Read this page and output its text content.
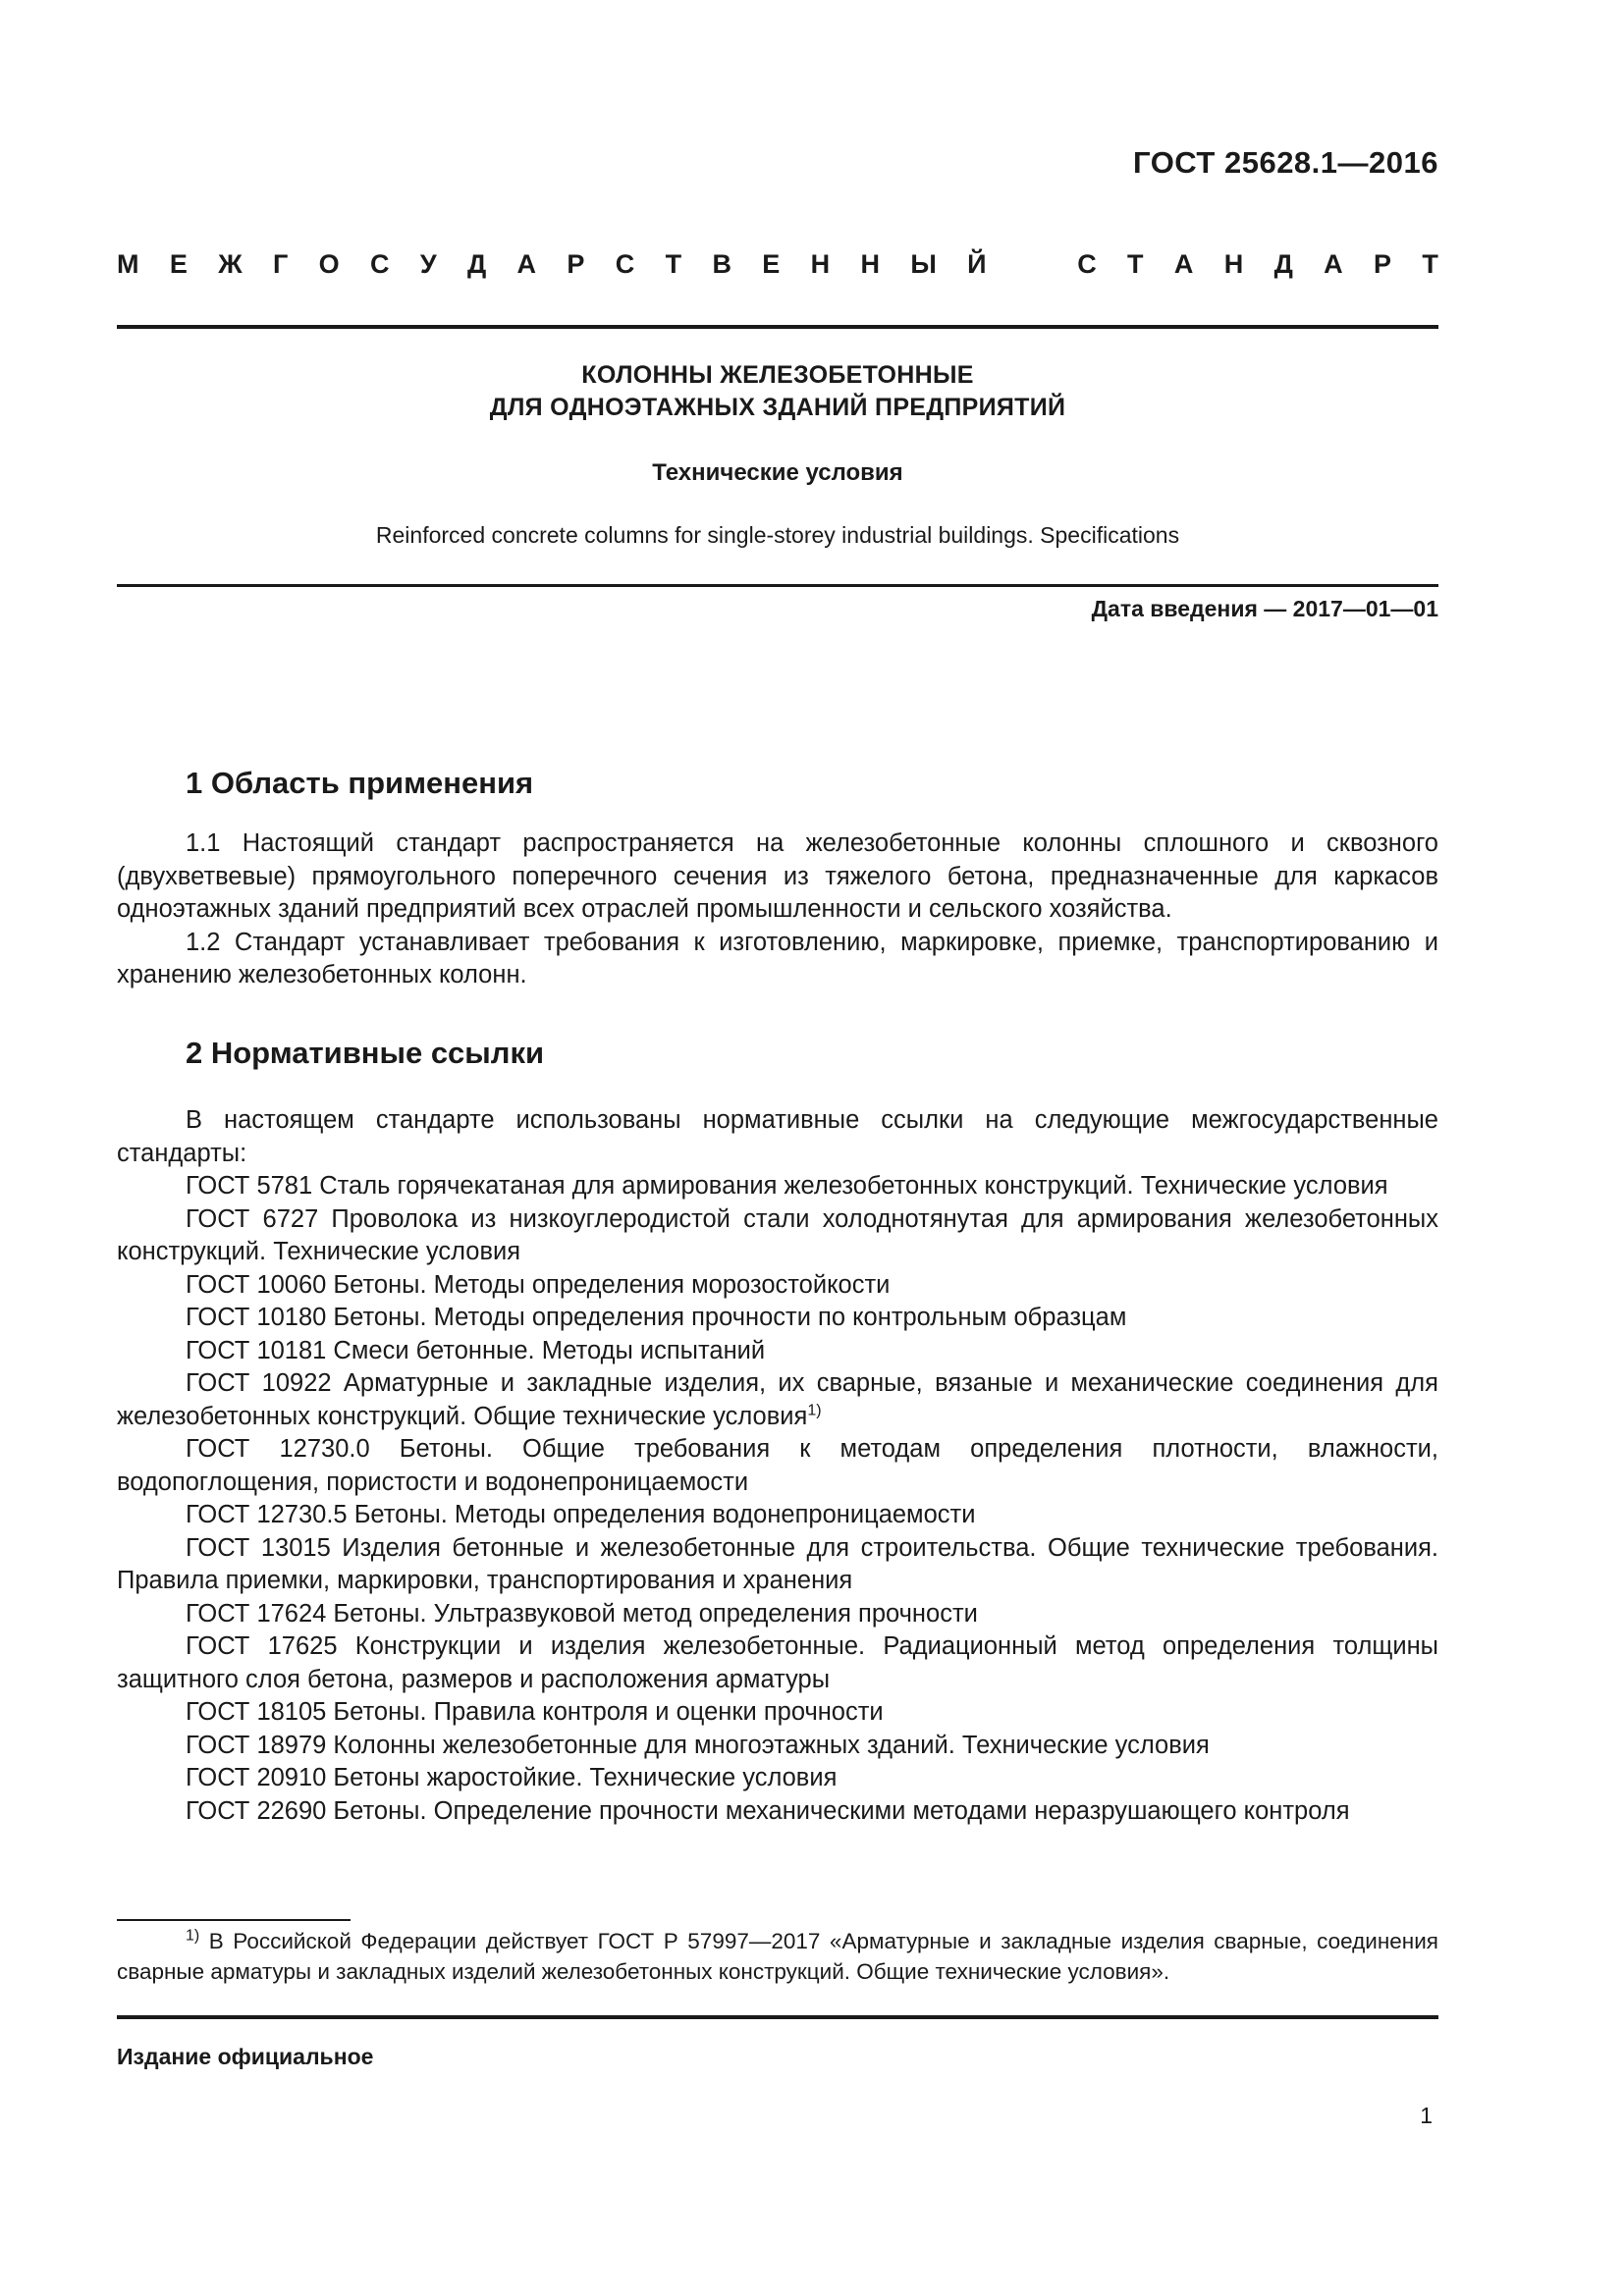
ГОСТ 25628.1—2016
М Е Ж Г О С У Д А Р С Т В Е Н Н Ы Й	С Т А Н Д А Р Т
КОЛОННЫ ЖЕЛЕЗОБЕТОННЫЕ
ДЛЯ ОДНОЭТАЖНЫХ ЗДАНИЙ ПРЕДПРИЯТИЙ
Технические условия
Reinforced concrete columns for single-storey industrial buildings. Specifications
Дата введения — 2017—01—01
1 Область применения

1.1 Настоящий стандарт распространяется на железобетонные колонны сплошного и сквозного (двухветвевые) прямоугольного поперечного сечения из тяжелого бетона, предназначенные для каркасов одноэтажных зданий предприятий всех отраслей промышленности и сельского хозяйства.

1.2 Стандарт устанавливает требования к изготовлению, маркировке, приемке, транспортированию и хранению железобетонных колонн.

2 Нормативные ссылки

В настоящем стандарте использованы нормативные ссылки на следующие межгосударственные стандарты:

ГОСТ 5781 Сталь горячекатаная для армирования железобетонных конструкций. Технические условия

ГОСТ 6727 Проволока из низкоуглеродистой стали холоднотянутая для армирования железобетонных конструкций. Технические условия

ГОСТ 10060 Бетоны. Методы определения морозостойкости

ГОСТ 10180 Бетоны. Методы определения прочности по контрольным образцам

ГОСТ 10181 Смеси бетонные. Методы испытаний

ГОСТ 10922 Арматурные и закладные изделия, их сварные, вязаные и механические соединения для железобетонных конструкций. Общие технические условия$^{1)}$

ГОСТ 12730.0 Бетоны. Общие требования к методам определения плотности, влажности, водопоглощения, пористости и водонепроницаемости

ГОСТ 12730.5 Бетоны. Методы определения водонепроницаемости

ГОСТ 13015 Изделия бетонные и железобетонные для строительства. Общие технические требования. Правила приемки, маркировки, транспортирования и хранения

ГОСТ 17624 Бетоны. Ультразвуковой метод определения прочности

ГОСТ 17625 Конструкции и изделия железобетонные. Радиационный метод определения толщины защитного слоя бетона, размеров и расположения арматуры

ГОСТ 18105 Бетоны. Правила контроля и оценки прочности

ГОСТ 18979 Колонны железобетонные для многоэтажных зданий. Технические условия

ГОСТ 20910 Бетоны жаростойкие. Технические условия

ГОСТ 22690 Бетоны. Определение прочности механическими методами неразрушающего контроля

$^{1)}$ В Российской Федерации действует ГОСТ Р 57997—2017 «Арматурные и закладные изделия сварные, соединения сварные арматуры и закладных изделий железобетонных конструкций. Общие технические условия».

Издание официальное
1
